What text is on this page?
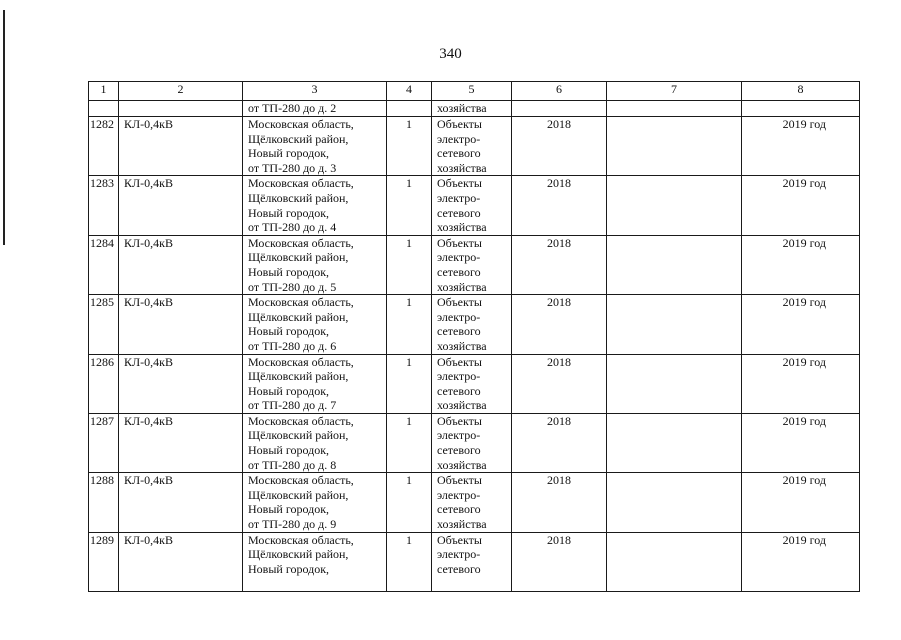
340
1	2	3	4	5	6	7	8
		от ТП-280 до д. 2		хозяйства			
1282	КЛ-0,4кВ	Московская область,
Щёлковский район,
Новый городок,
от ТП-280 до д. 3	1	Объекты
электро-
сетевого
хозяйства	2018		2019 год
1283	КЛ-0,4кВ	Московская область,
Щёлковский район,
Новый городок,
от ТП-280 до д. 4	1	Объекты
электро-
сетевого
хозяйства	2018		2019 год
1284	КЛ-0,4кВ	Московская область,
Щёлковский район,
Новый городок,
от ТП-280 до д. 5	1	Объекты
электро-
сетевого
хозяйства	2018		2019 год
1285	КЛ-0,4кВ	Московская область,
Щёлковский район,
Новый городок,
от ТП-280 до д. 6	1	Объекты
электро-
сетевого
хозяйства	2018		2019 год
1286	КЛ-0,4кВ	Московская область,
Щёлковский район,
Новый городок,
от ТП-280 до д. 7	1	Объекты
электро-
сетевого
хозяйства	2018		2019 год
1287	КЛ-0,4кВ	Московская область,
Щёлковский район,
Новый городок,
от ТП-280 до д. 8	1	Объекты
электро-
сетевого
хозяйства	2018		2019 год
1288	КЛ-0,4кВ	Московская область,
Щёлковский район,
Новый городок,
от ТП-280 до д. 9	1	Объекты
электро-
сетевого
хозяйства	2018		2019 год
1289	КЛ-0,4кВ	Московская область,
Щёлковский район,
Новый городок,	1	Объекты
электро-
сетевого	2018		2019 год
